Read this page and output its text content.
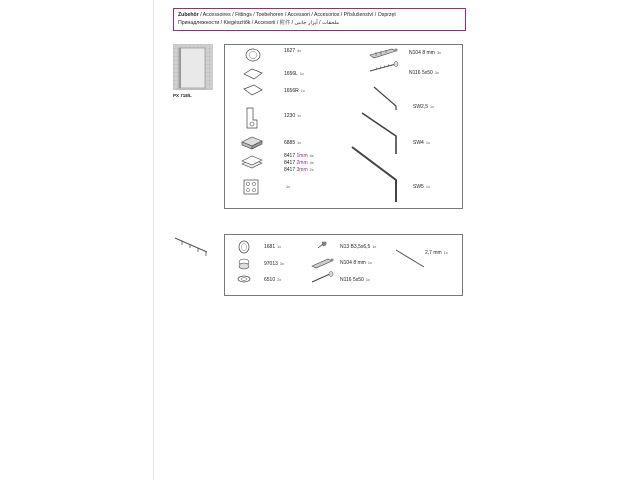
Zubehör / Accessoires / Fittings / Toebehoren / Accessori / Accesorios / Příslušenství / Osprzęt
Принадлежности / Kiegészítők / Accesorii / 附件 / ملحقات / آبزار جانبی
PX 718/L
1627 4x
1656L 1x
1656R 1x
1230 1x
6885 1x
8417 1mm 4x
8417 2mm 4x
8417 3mm 2x
1x
N104 8 mm 3x
N116 5x50 3x
SW2,5 1x
SW4 1x
SW5 1x
1681 1x
97013 3x
6510 2x
N13 B3,5x6,5 1x
N104 8 mm 1x
N116 5x50 1x
2,7 mm 1x
